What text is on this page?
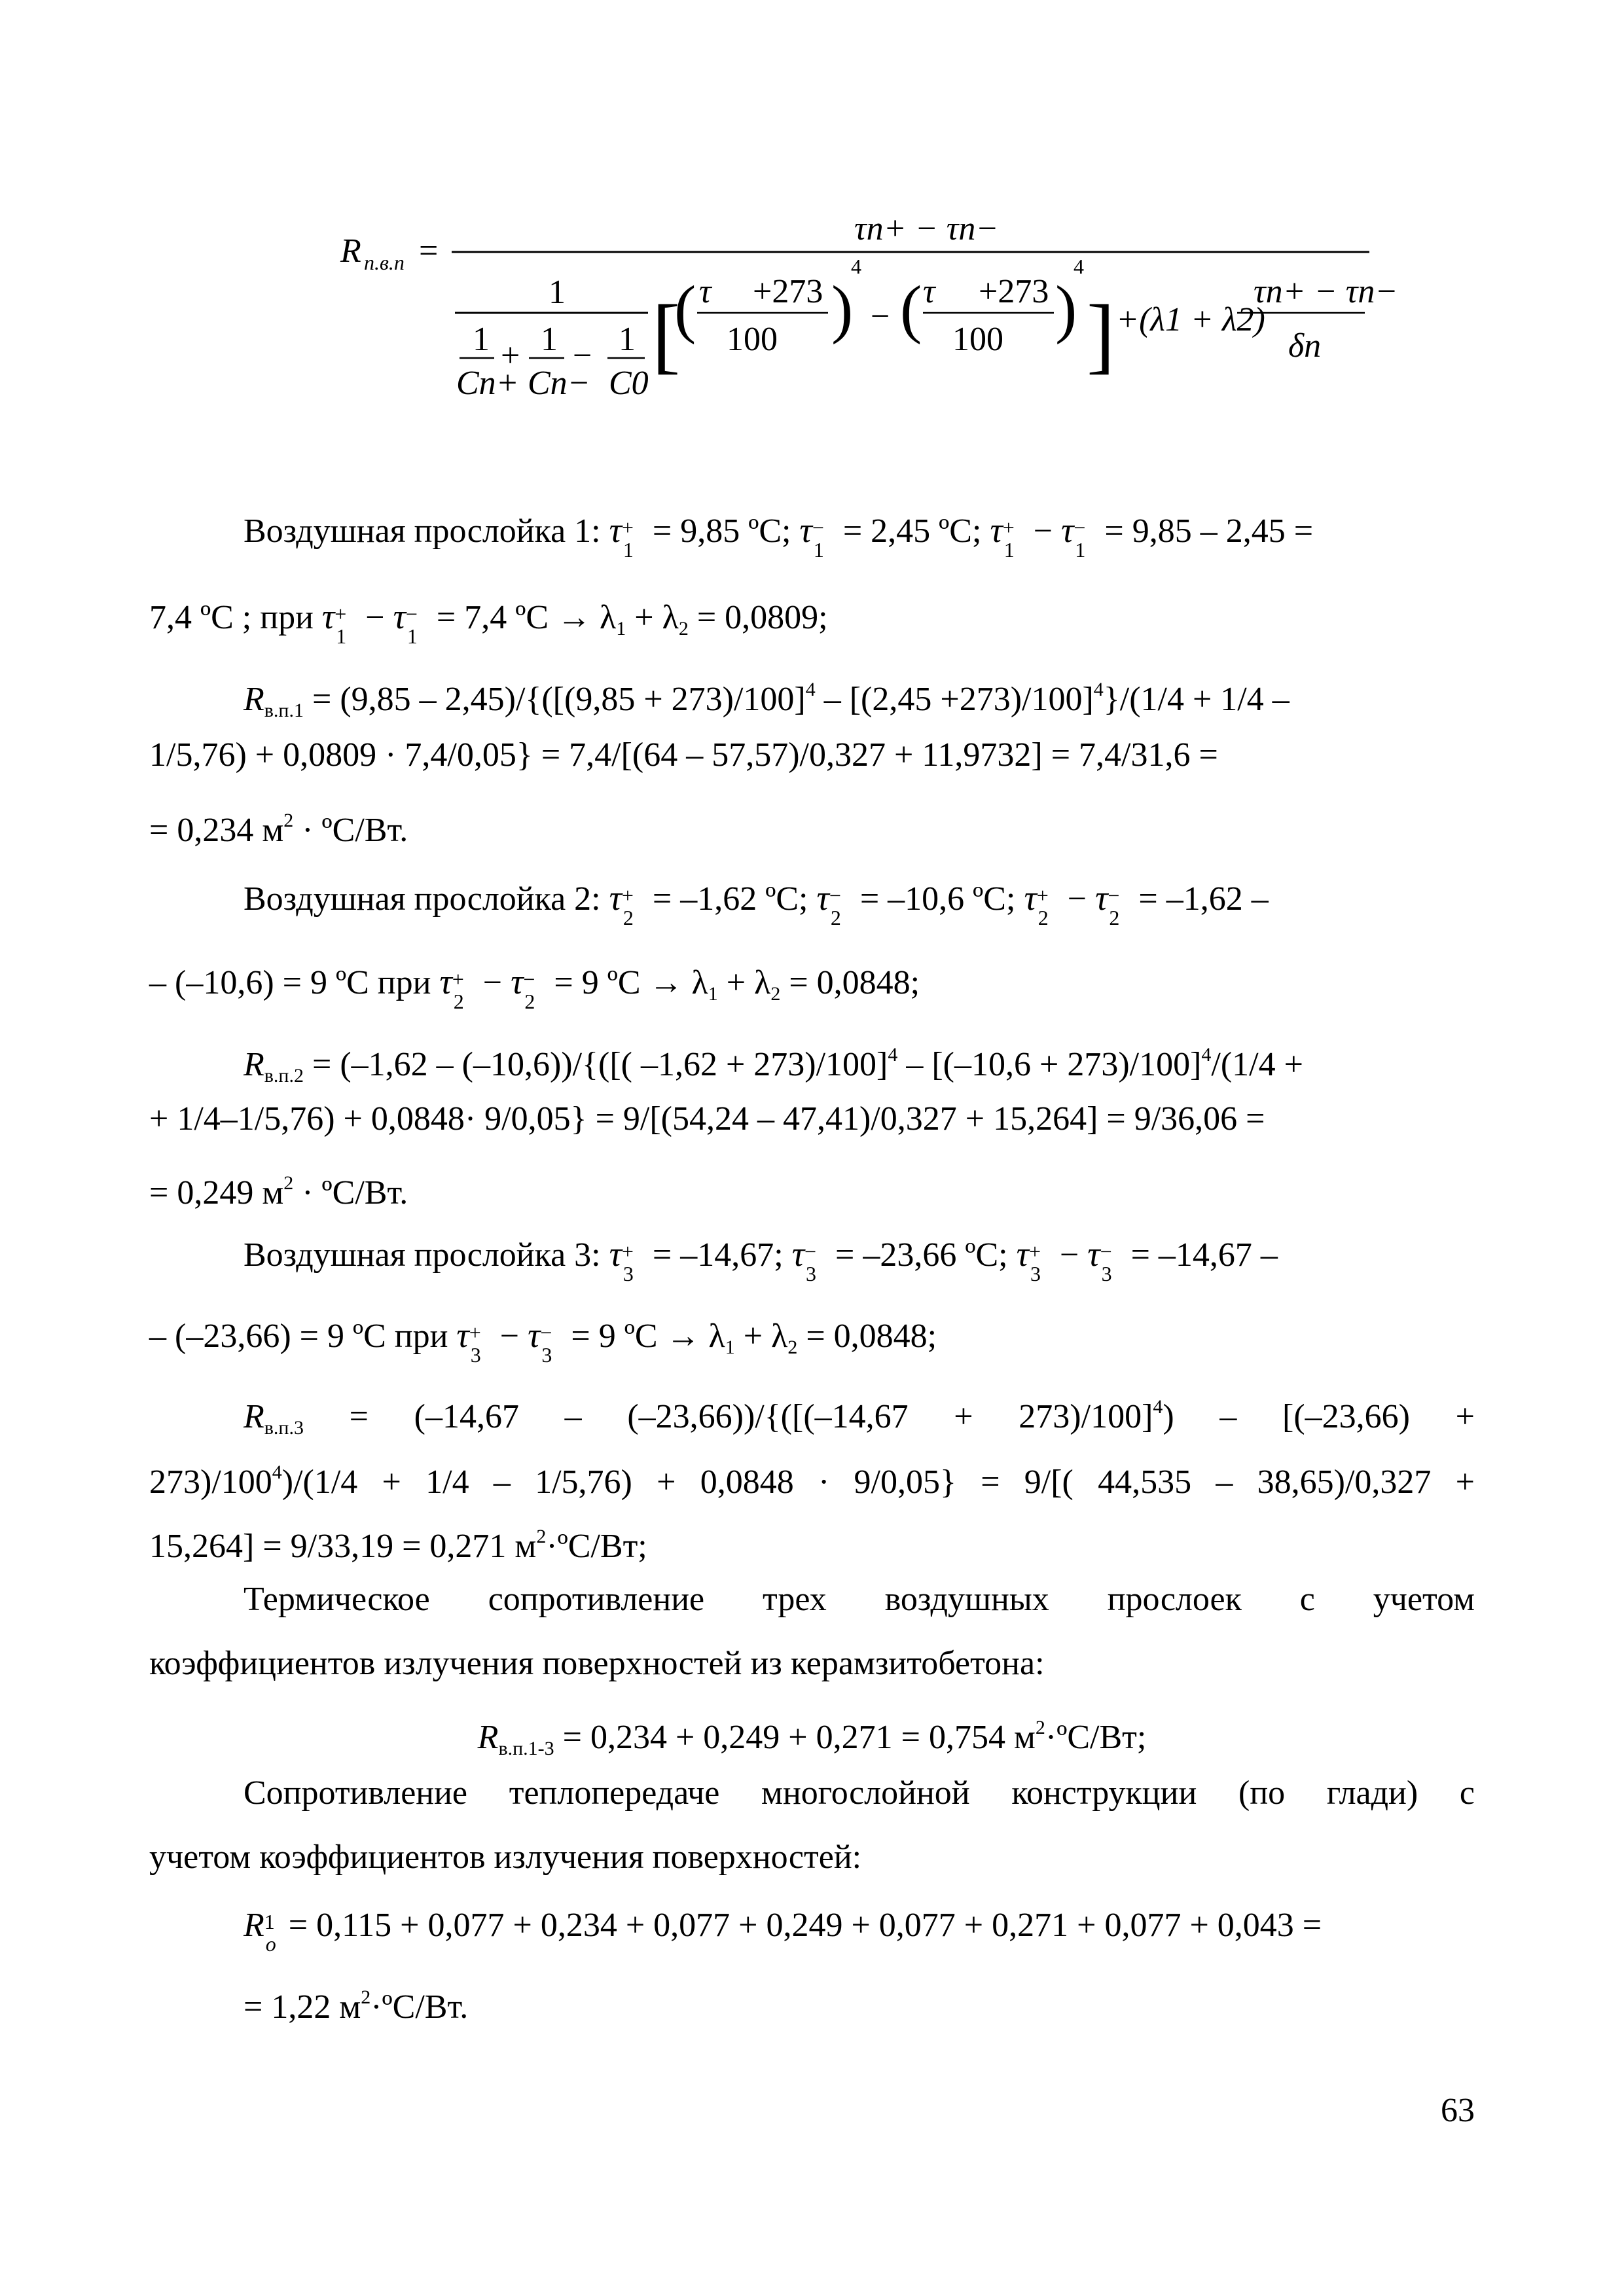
R п.в.п =
τn+ − τn−
1
1
Cn+
+ 1
Cn−
− 1
C0
[
( τ +273
100 )
4
− ( τ +273
100 )
4
] +(λ1 + λ2)
τn+ − τn−
δn
Воздушная прослойка 1: τ +
1 = 9,85 ºС; τ −
1 = 2,45 ºС; τ +
1 − τ −
1 = 9,85 – 2,45 =
7,4 ºС ; при τ +
1 − τ −
1 = 7,4 ºС → $\lambda_1 + \lambda_2 = 0,0809$;
$R_{в.п.1} = (9,85 - 2,45)/\{([(9,85 + 273)/100]^4 - [(2,45 +273)/100]^4\}/(1/4 + 1/4$ –
1/5,76) + 0,0809 · 7,4/0,05} = 7,4/[(64 – 57,57)/0,327 + 11,9732] = 7,4/31,6 =
= 0,234 $м^2$ · ºС/Вт.
Воздушная прослойка 2: τ +
2 = –1,62 ºС; τ −
2 = –10,6 ºС; τ +
2 − τ −
2 = –1,62 –
– (–10,6) = 9 ºС при τ +
2 − τ −
2 = 9 ºС → $\lambda_1 + \lambda_2 = 0,0848$;
$R_{в.п.2} = (-1,62 - (-10,6))/${([( $-1,62 + 273)/100]^4 - [(-10,6 + 273)/100]^4/(1/4$ +
+ 1/4–1/5,76) + 0,0848· 9/0,05} = 9/[(54,24 – 47,41)/0,327 + 15,264] = 9/36,06 =
= 0,249 $м^2$ · ºС/Вт.
Воздушная прослойка 3: τ +
3 = –14,67; τ −
3 = –23,66 ºС; τ +
3 − τ −
3 = –14,67 –
– (–23,66) = 9 ºС при τ +
3 − τ −
3 = 9 ºС → $\lambda_1 + \lambda_2 = 0,0848$;
$R_{в.п.3} = (-14,67 - (-23,66))/\{([(-14,67 + 273)/100]^4) - [(-23,66)$ +
$273)/100^4)/(1/4 + 1/4 - 1/5,76) + 0,0848 \cdot 9/0,05\} = 9/$[( 44,535 – 38,65)/0,327 +
15,264] = 9/33,19 = 0,271 $м^2\cdot ºС/Вт$;
Термическое сопротивление трех воздушных прослоек с учетом
коэффициентов излучения поверхностей из керамзитобетона:
$R_{в.п.1-3} = 0,234 + 0,249 + 0,271 = 0,754$ $м^2\cdot ºС/Вт$;
Сопротивление теплопередаче многослойной конструкции (по глади) с
учетом коэффициентов излучения поверхностей:
R 1
o = 0,115 + 0,077 + 0,234 + 0,077 + 0,249 + 0,077 + 0,271 + 0,077 + 0,043 =
= 1,22 $м^2\cdot ºС/Вт$.
63
